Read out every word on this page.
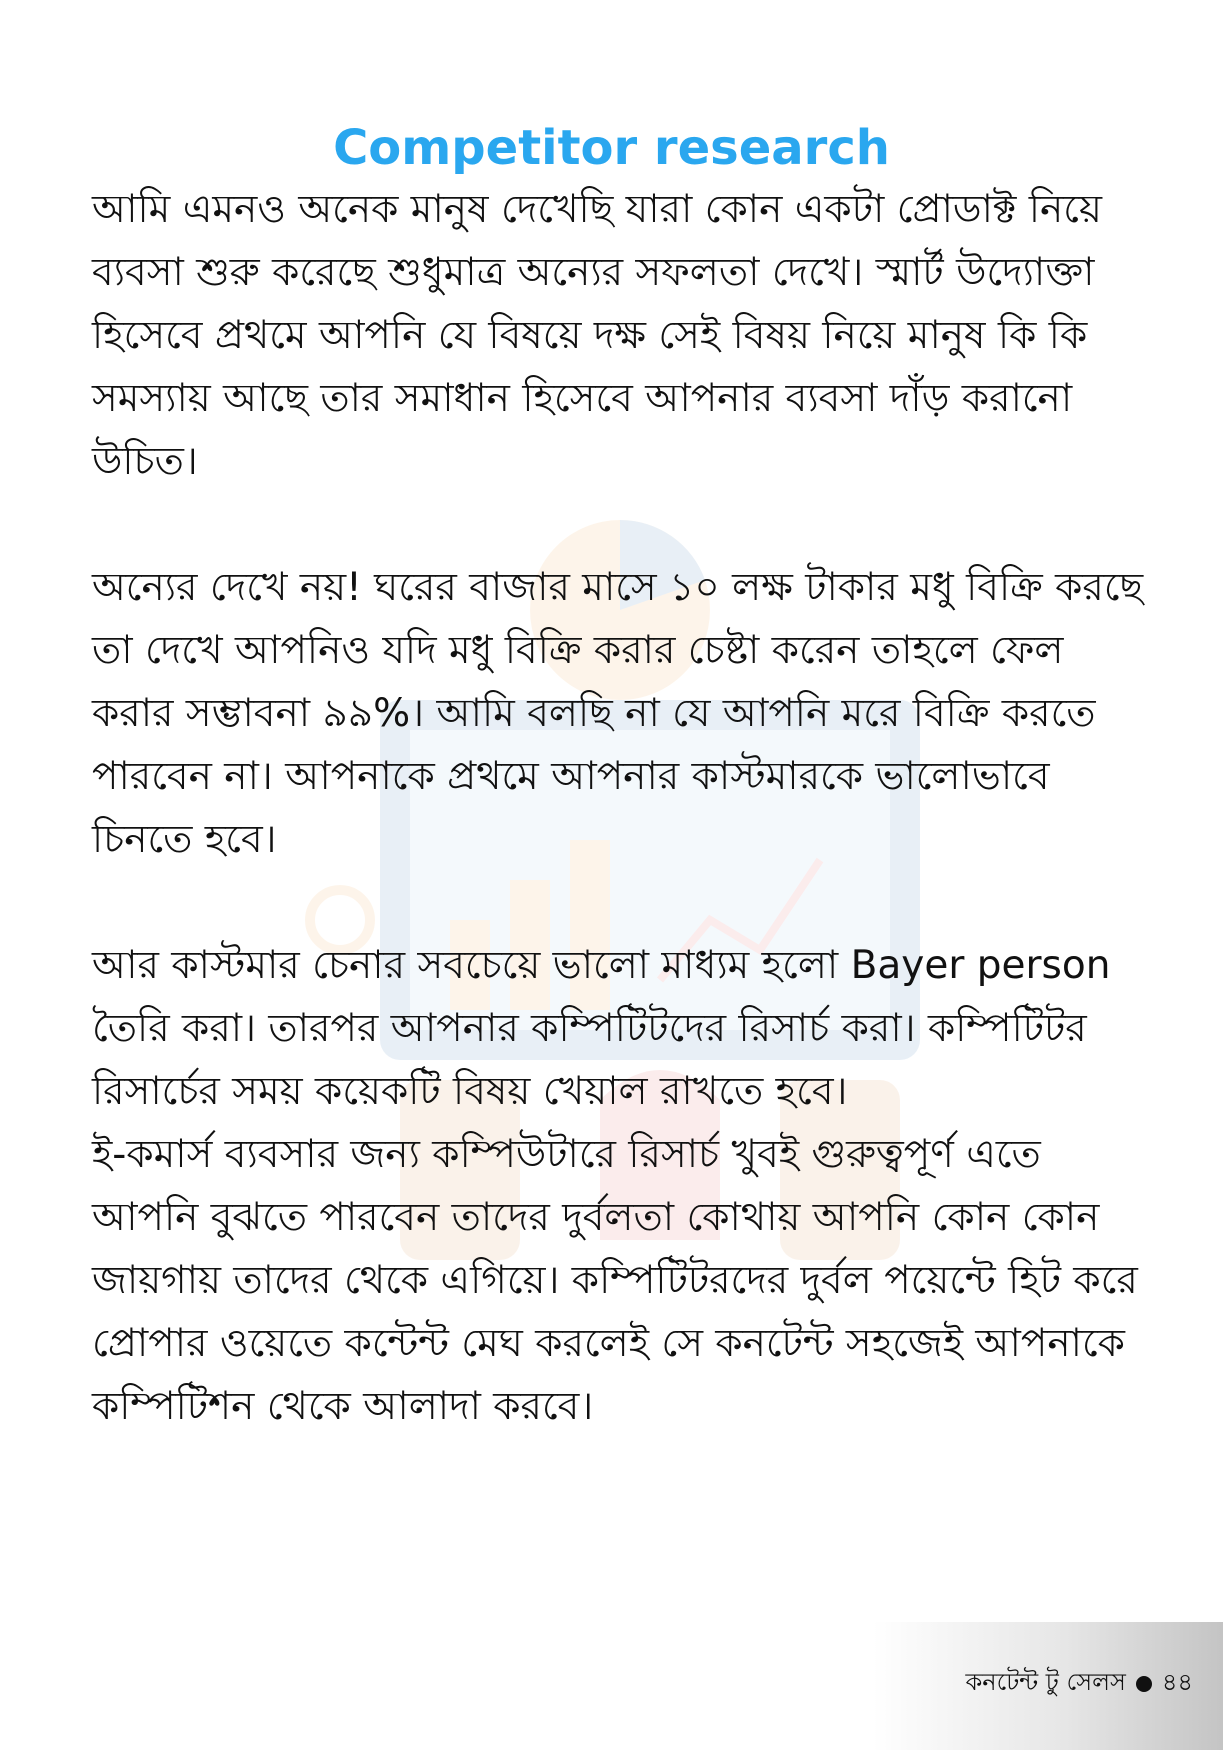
Competitor research

আমি এমনও অনেক মানুষ দেখেছি যারা কোন একটা প্রোডাক্ট নিয়ে ব্যবসা শুরু করেছে শুধুমাত্র অন্যের সফলতা দেখে। স্মার্ট উদ্যোক্তা হিসেবে প্রথমে আপনি যে বিষয়ে দক্ষ সেই বিষয় নিয়ে মানুষ কি কি সমস্যায় আছে তার সমাধান হিসেবে আপনার ব্যবসা দাঁড় করানো উচিত।

অন্যের দেখে নয়! ঘরের বাজার মাসে ১০ লক্ষ টাকার মধু বিক্রি করছে তা দেখে আপনিও যদি মধু বিক্রি করার চেষ্টা করেন তাহলে ফেল করার সম্ভাবনা ৯৯%। আমি বলছি না যে আপনি মরে বিক্রি করতে পারবেন না। আপনাকে প্রথমে আপনার কাস্টমারকে ভালোভাবে চিনতে হবে।

আর কাস্টমার চেনার সবচেয়ে ভালো মাধ্যম হলো Bayer person তৈরি করা। তারপর আপনার কম্পিটিটদের রিসার্চ করা। কম্পিটিটর রিসার্চের সময় কয়েকটি বিষয় খেয়াল রাখতে হবে।

ই-কমার্স ব্যবসার জন্য কম্পিউটারে রিসার্চ খুবই গুরুত্বপূর্ণ এতে আপনি বুঝতে পারবেন তাদের দুর্বলতা কোথায় আপনি কোন কোন জায়গায় তাদের থেকে এগিয়ে। কম্পিটিটরদের দুর্বল পয়েন্টে হিট করে প্রোপার ওয়েতে কন্টেন্ট মেঘ করলেই সে কনটেন্ট সহজেই আপনাকে কম্পিটিশন থেকে আলাদা করবে।

কনটেন্ট টু সেলস ৪৪
